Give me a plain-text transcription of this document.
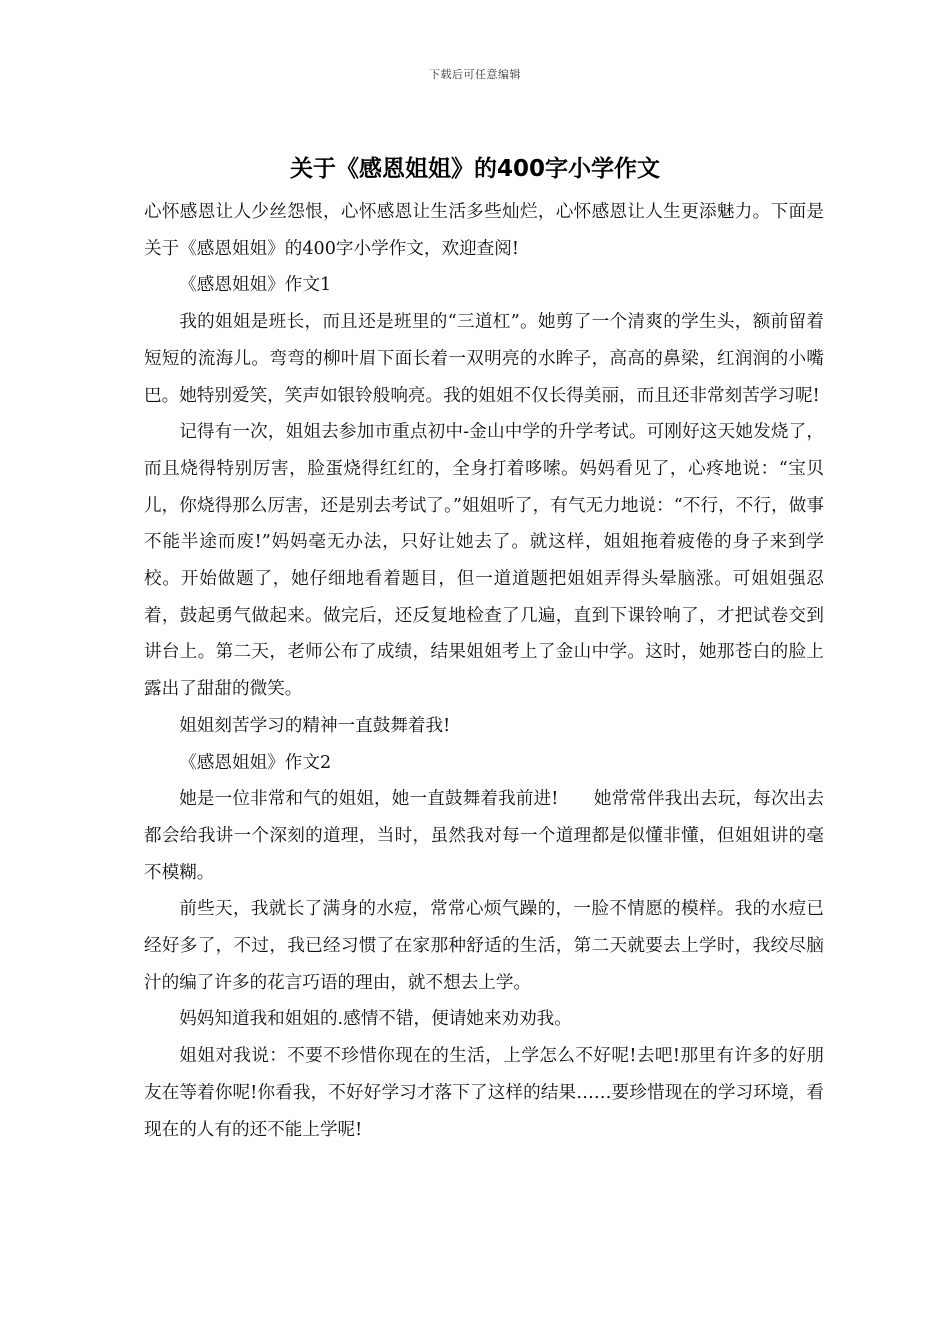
下载后可任意编辑
关于《感恩姐姐》的400字小学作文

心怀感恩让人少丝怨恨，心怀感恩让生活多些灿烂，心怀感恩让人生更添魅力。下面是关于《感恩姐姐》的400字小学作文，欢迎查阅!

《感恩姐姐》作文1

我的姐姐是班长，而且还是班里的“三道杠”。她剪了一个清爽的学生头，额前留着短短的流海儿。弯弯的柳叶眉下面长着一双明亮的水眸子，高高的鼻梁，红润润的小嘴巴。她特别爱笑，笑声如银铃般响亮。我的姐姐不仅长得美丽，而且还非常刻苦学习呢!

记得有一次，姐姐去参加市重点初中-金山中学的升学考试。可刚好这天她发烧了，而且烧得特别厉害，脸蛋烧得红红的，全身打着哆嗦。妈妈看见了，心疼地说：“宝贝儿，你烧得那么厉害，还是别去考试了。”姐姐听了，有气无力地说：“不行，不行，做事不能半途而废!”妈妈毫无办法，只好让她去了。就这样，姐姐拖着疲倦的身子来到学校。开始做题了，她仔细地看着题目，但一道道题把姐姐弄得头晕脑涨。可姐姐强忍着，鼓起勇气做起来。做完后，还反复地检查了几遍，直到下课铃响了，才把试卷交到讲台上。第二天，老师公布了成绩，结果姐姐考上了金山中学。这时，她那苍白的脸上露出了甜甜的微笑。

姐姐刻苦学习的精神一直鼓舞着我!

《感恩姐姐》作文2

她是一位非常和气的姐姐，她一直鼓舞着我前进!　　她常常伴我出去玩，每次出去都会给我讲一个深刻的道理，当时，虽然我对每一个道理都是似懂非懂，但姐姐讲的毫不模糊。

前些天，我就长了满身的水痘，常常心烦气躁的，一脸不情愿的模样。我的水痘已经好多了，不过，我已经习惯了在家那种舒适的生活，第二天就要去上学时，我绞尽脑汁的编了许多的花言巧语的理由，就不想去上学。

妈妈知道我和姐姐的.感情不错，便请她来劝劝我。

姐姐对我说：不要不珍惜你现在的生活，上学怎么不好呢!去吧!那里有许多的好朋友在等着你呢!你看我，不好好学习才落下了这样的结果……要珍惜现在的学习环境，看现在的人有的还不能上学呢!
